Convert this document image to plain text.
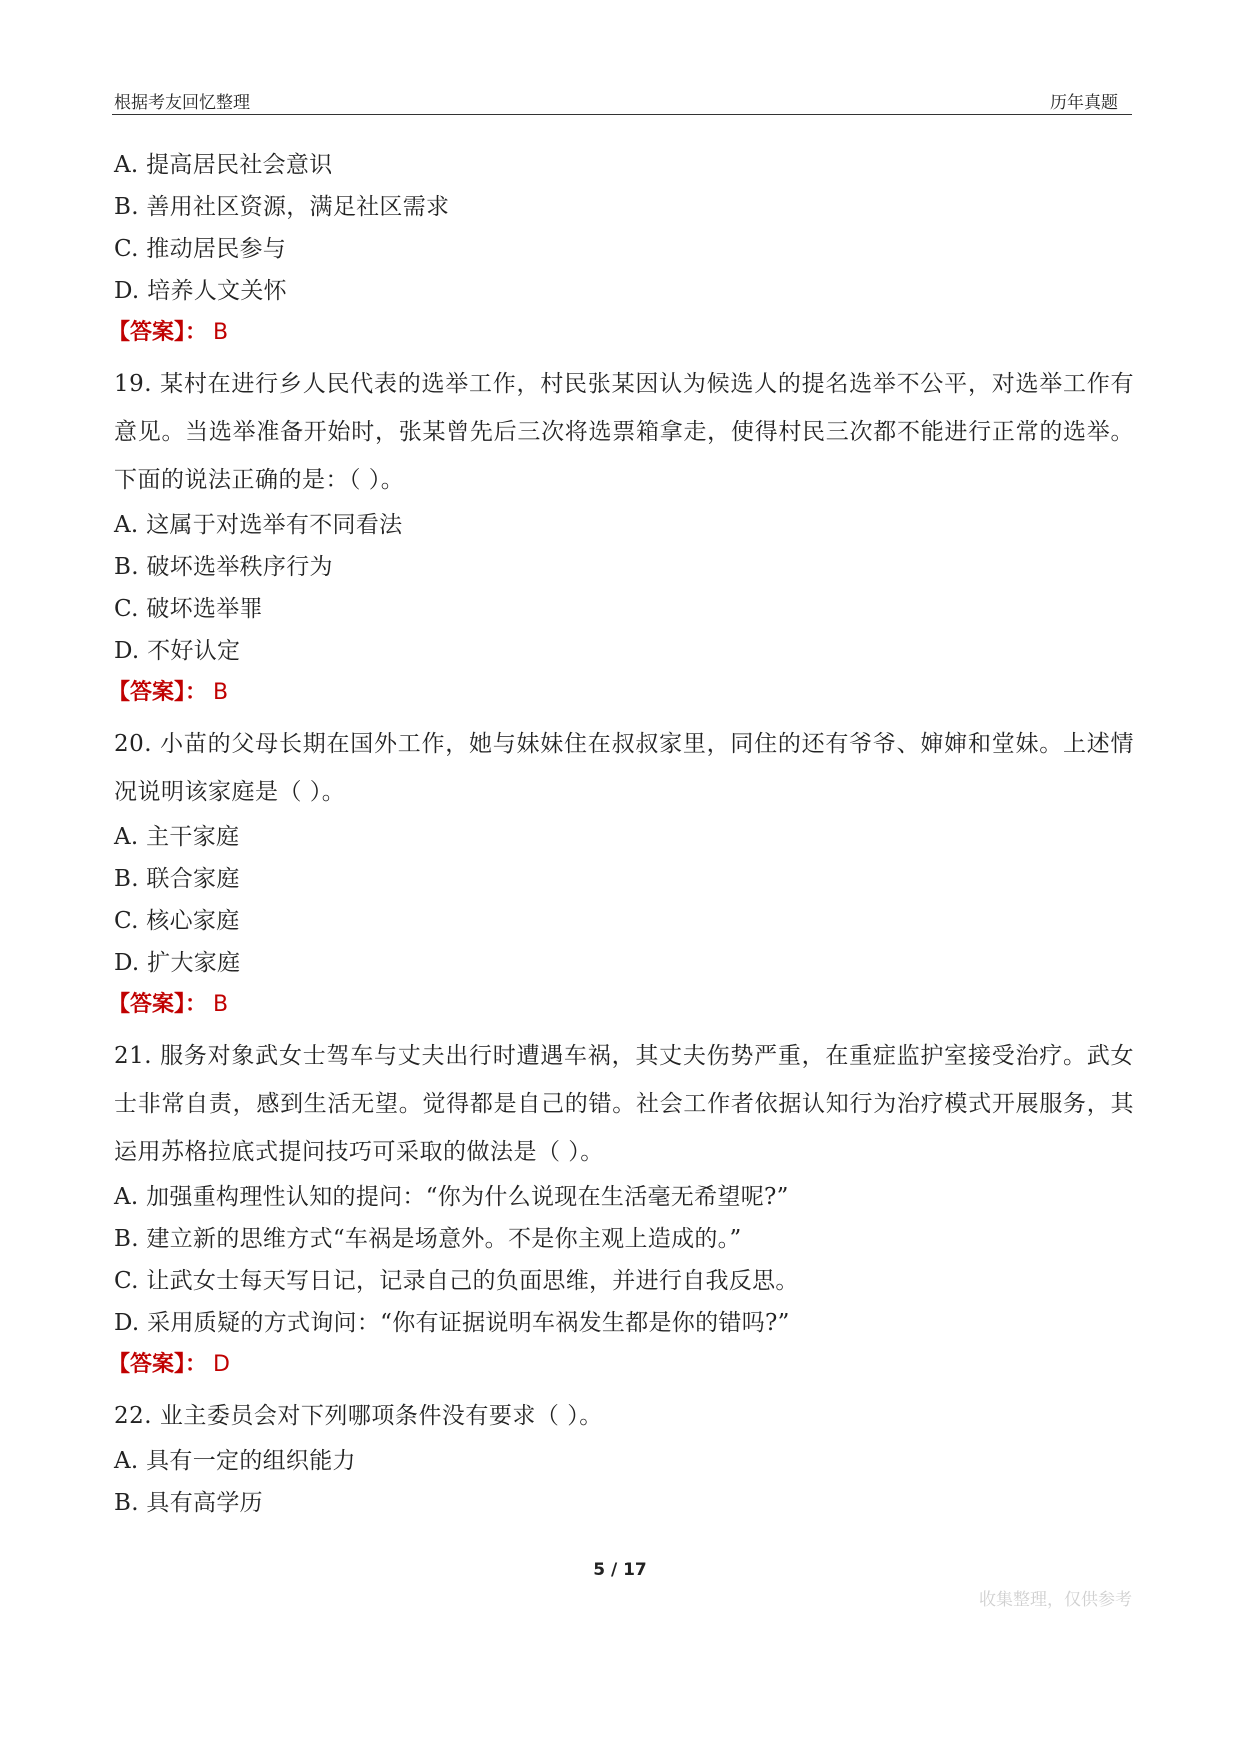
根据考友回忆整理	历年真题

A. 提高居民社会意识

B. 善用社区资源，满足社区需求

C. 推动居民参与

D. 培养人文关怀

【答案】： B

19. 某村在进行乡人民代表的选举工作，村民张某因认为候选人的提名选举不公平，对选举工作有意见。当选举准备开始时，张某曾先后三次将选票箱拿走，使得村民三次都不能进行正常的选举。下面的说法正确的是：（ ）。

A. 这属于对选举有不同看法

B. 破坏选举秩序行为

C. 破坏选举罪

D. 不好认定

【答案】： B

20. 小苗的父母长期在国外工作，她与妹妹住在叔叔家里，同住的还有爷爷、婶婶和堂妹。上述情况说明该家庭是（ ）。

A. 主干家庭

B. 联合家庭

C. 核心家庭

D. 扩大家庭

【答案】： B

21. 服务对象武女士驾车与丈夫出行时遭遇车祸，其丈夫伤势严重，在重症监护室接受治疗。武女士非常自责，感到生活无望。觉得都是自己的错。社会工作者依据认知行为治疗模式开展服务，其运用苏格拉底式提问技巧可采取的做法是（ ）。

A. 加强重构理性认知的提问：“你为什么说现在生活毫无希望呢?”

B. 建立新的思维方式“车祸是场意外。不是你主观上造成的。”

C. 让武女士每天写日记，记录自己的负面思维，并进行自我反思。

D. 采用质疑的方式询问：“你有证据说明车祸发生都是你的错吗?”

【答案】： D

22. 业主委员会对下列哪项条件没有要求（ ）。

A. 具有一定的组织能力

B. 具有高学历

5 / 17
收集整理，仅供参考
